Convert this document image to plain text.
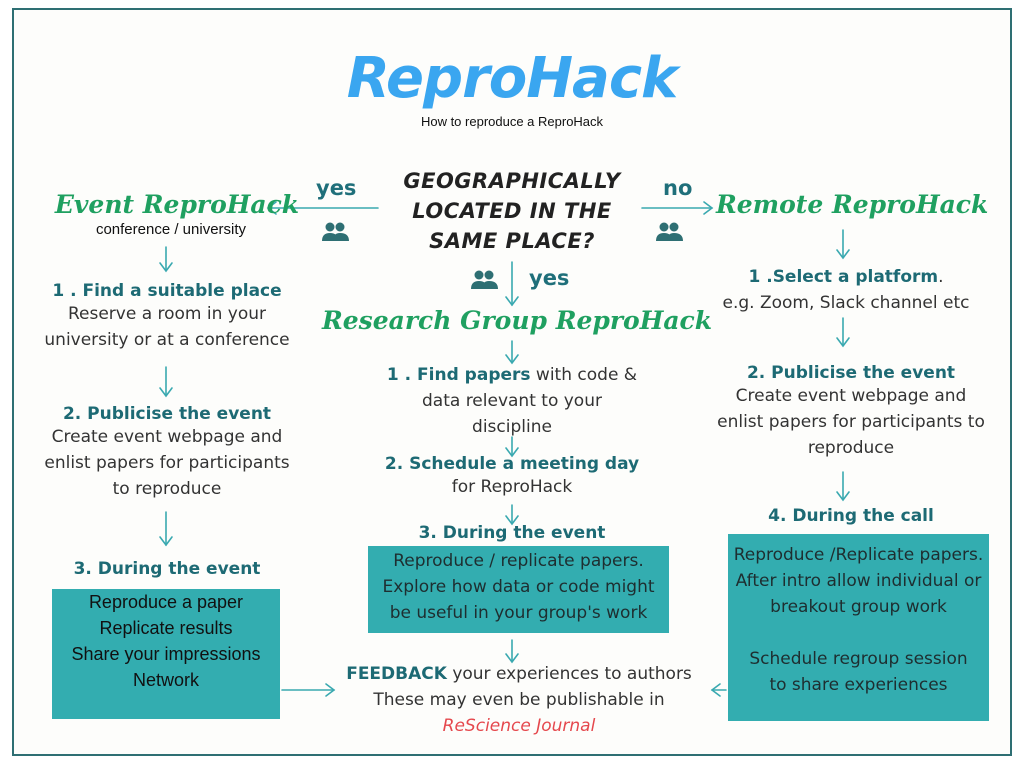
ReproHack
How to reproduce a ReproHack
GEOGRAPHICALLY LOCATED IN THE SAME PLACE?
yes	no
yes
Event ReproHack
conference / university
1 . Find a suitable place
Reserve a room in your university or at a conference
2. Publicise the event
Create event webpage and enlist papers for participants to reproduce
3. During the event
Reproduce a paper
Replicate results
Share your impressions
Network
Research Group ReproHack
1 . Find papers with code &
data relevant to your discipline
2. Schedule a meeting day
for ReproHack
3. During the event
Reproduce / replicate papers. Explore how data or code might be useful in your group's work
Remote ReproHack
1 .Select a platform.
e.g. Zoom, Slack channel etc
2. Publicise the event
Create event webpage and enlist papers for participants to reproduce
4. During the call
Reproduce /Replicate papers. After intro allow individual or breakout group work
Schedule regroup session to share experiences
FEEDBACK your experiences to authors
These may even be publishable in
ReScience Journal
